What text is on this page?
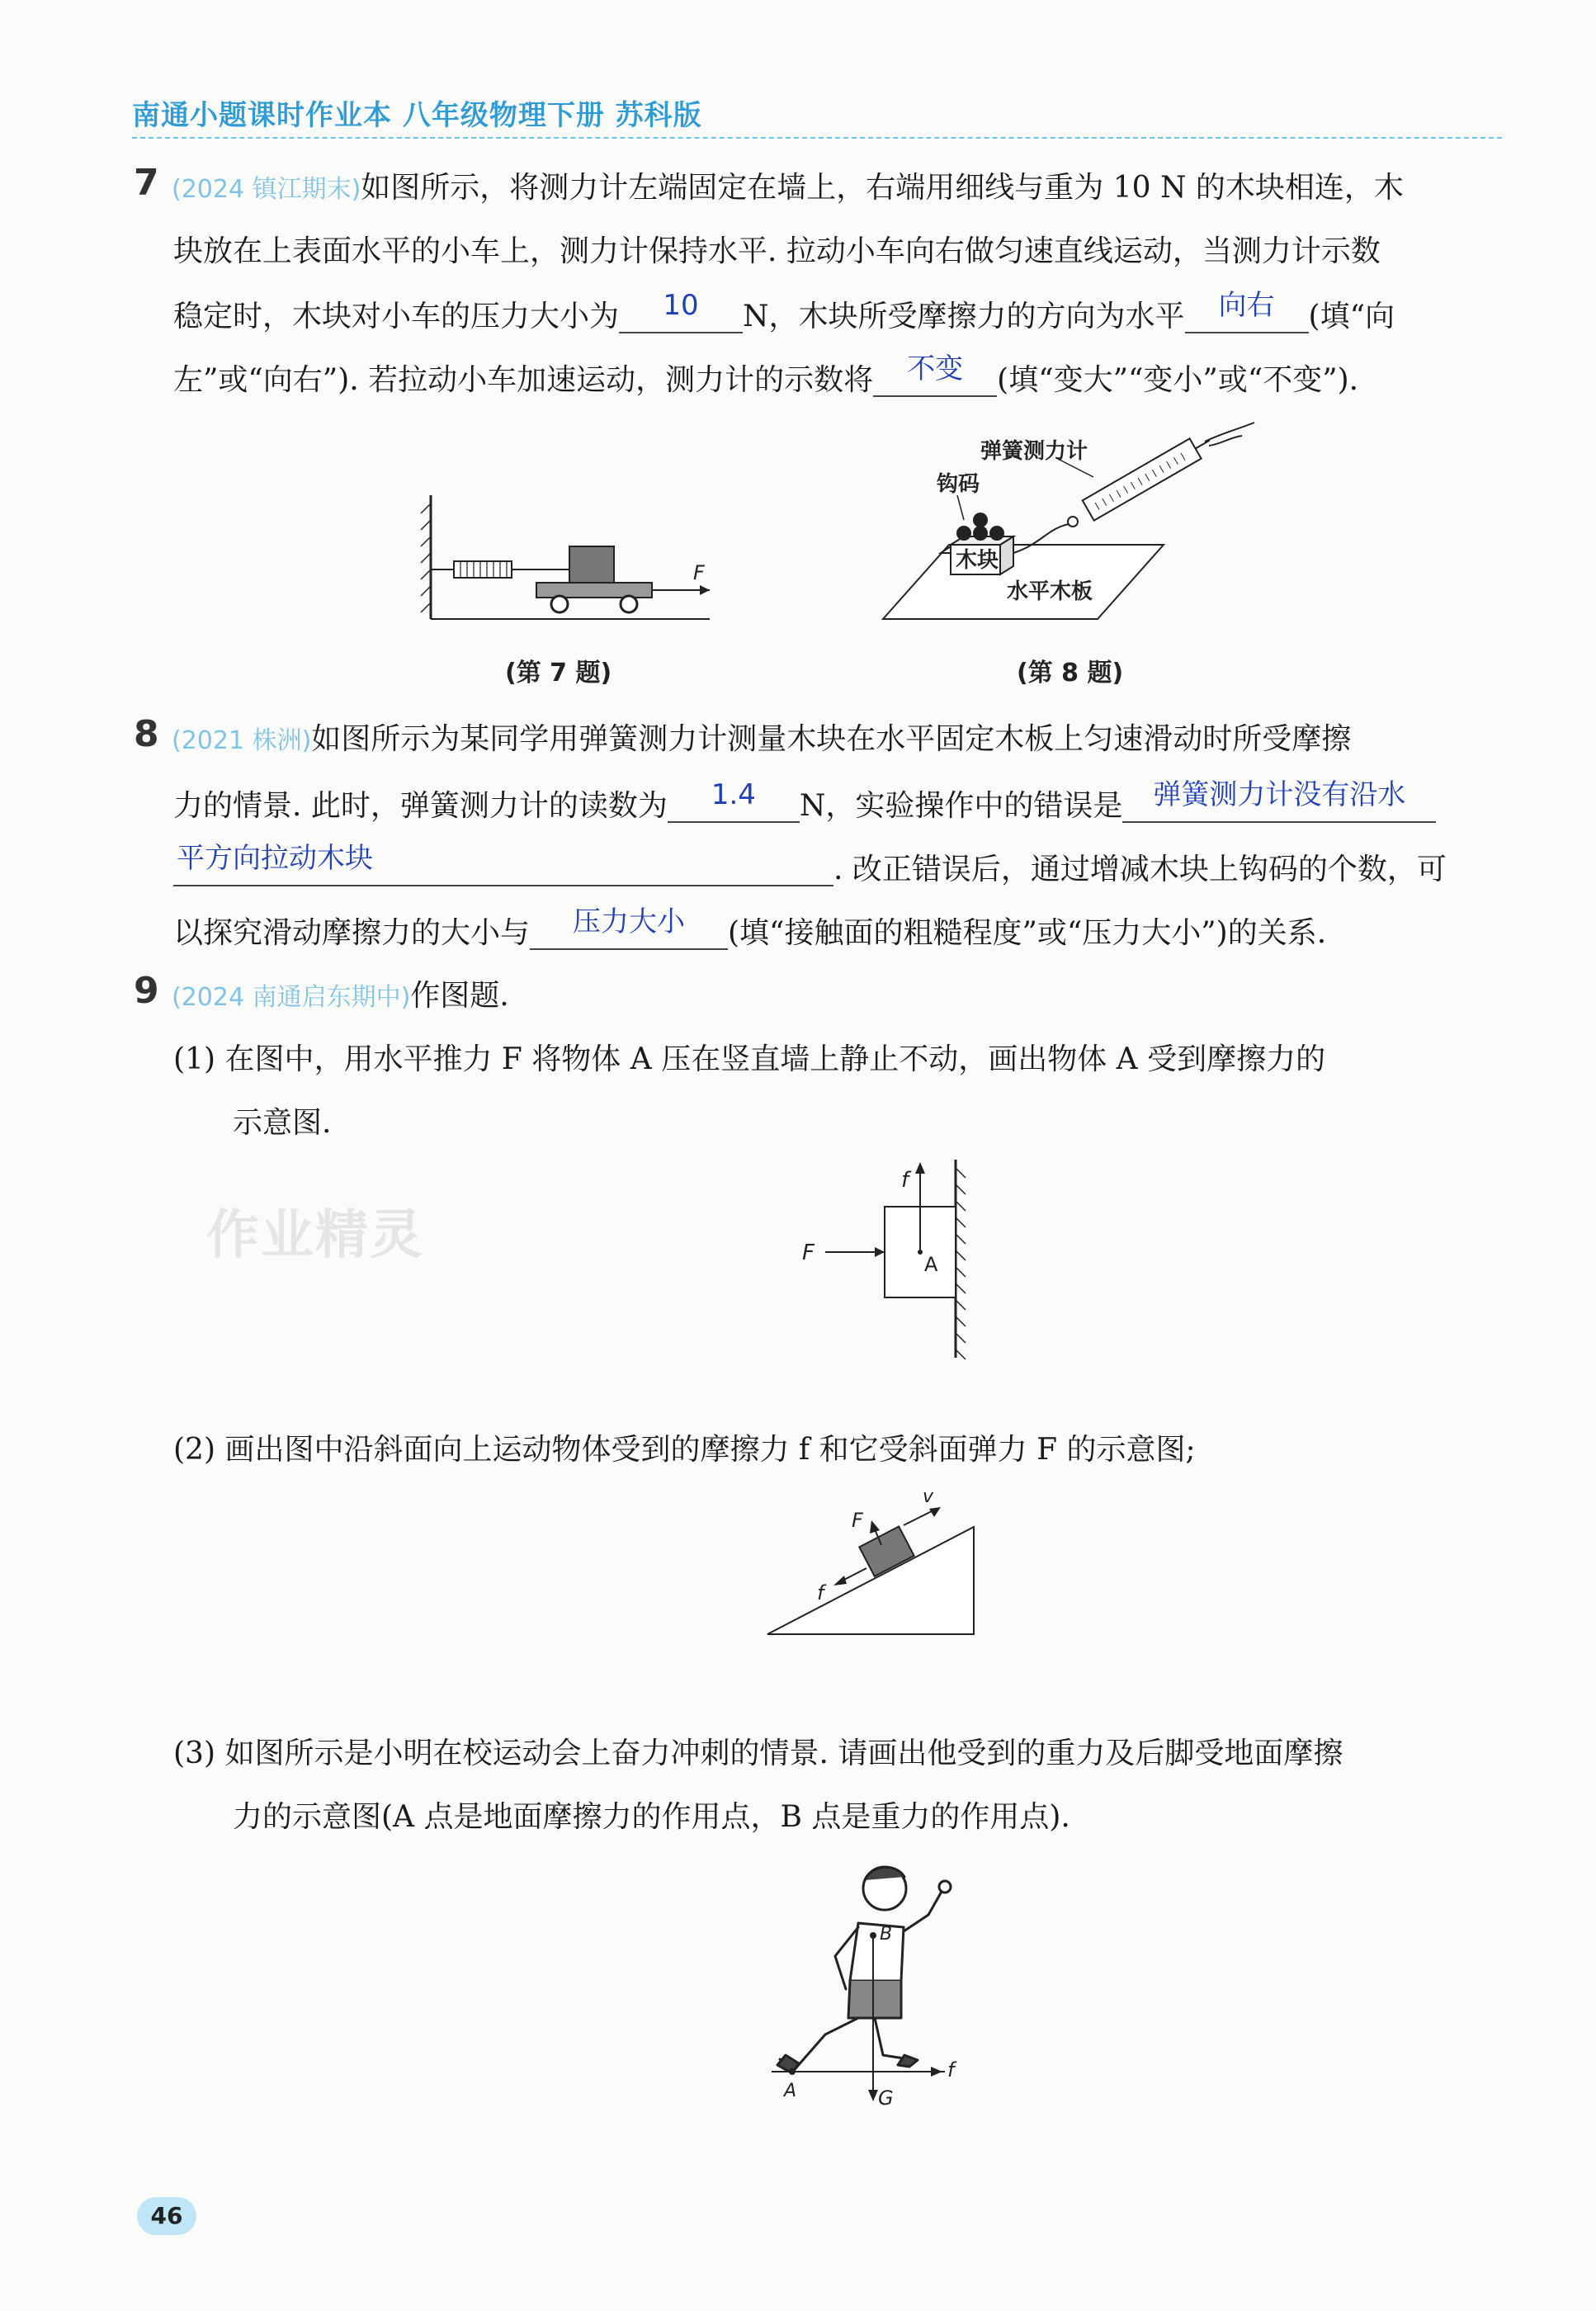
南通小题课时作业本 八年级物理下册 苏科版
7 (2024 镇江期末)如图所示，将测力计左端固定在墙上，右端用细线与重为 10 N 的木块相连，木
块放在上表面水平的小车上，测力计保持水平. 拉动小车向右做匀速直线运动，当测力计示数
稳定时，木块对小车的压力大小为	10	N，木块所受摩擦力的方向为水平	向右	(填“向
左”或“向右”). 若拉动小车加速运动，测力计的示数将	不变	(填“变大”“变小”或“不变”).
F
(第 7 题)
木块
弹簧测力计
钩码
水平木板
(第 8 题)
8 (2021 株洲)如图所示为某同学用弹簧测力计测量木块在水平固定木板上匀速滑动时所受摩擦
力的情景. 此时，弹簧测力计的读数为	1.4	N，实验操作中的错误是	弹簧测力计没有沿水
平方向拉动木块	. 改正错误后，通过增减木块上钩码的个数，可
以探究滑动摩擦力的大小与	压力大小	(填“接触面的粗糙程度”或“压力大小”)的关系.
9 (2024 南通启东期中)作图题.
(1) 在图中，用水平推力 F 将物体 A 压在竖直墙上静止不动，画出物体 A 受到摩擦力的
示意图.
作业精灵
f
F	A
(2) 画出图中沿斜面向上运动物体受到的摩擦力 f 和它受斜面弹力 F 的示意图;
F
v
f
(3) 如图所示是小明在校运动会上奋力冲刺的情景. 请画出他受到的重力及后脚受地面摩擦
力的示意图(A 点是地面摩擦力的作用点，B 点是重力的作用点).
B
G
f
A
46
